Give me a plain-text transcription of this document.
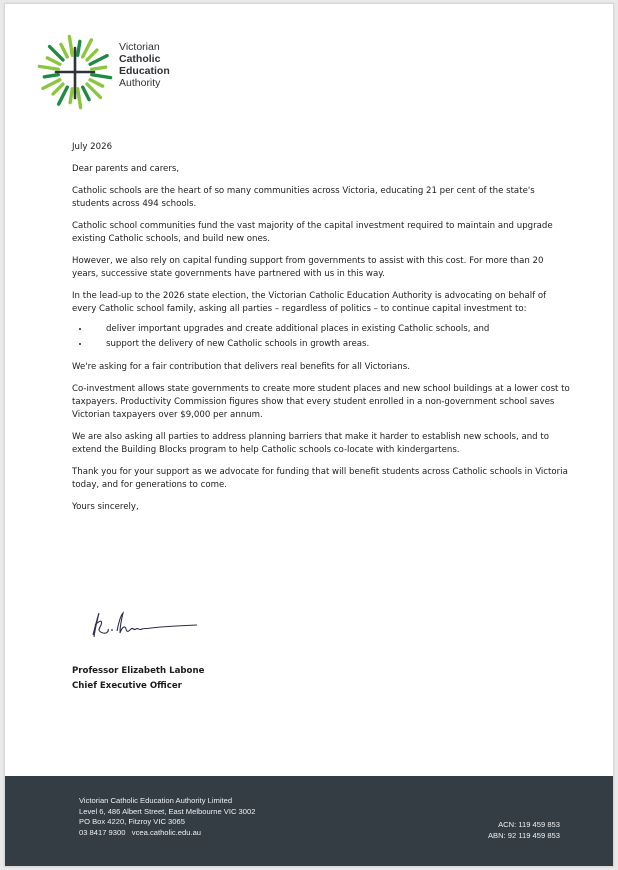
Victorian
Catholic
Education
Authority

July 2026

Dear parents and carers,

Catholic schools are the heart of so many communities across Victoria, educating 21 per cent of the state's students across 494 schools.

Catholic school communities fund the vast majority of the capital investment required to maintain and upgrade existing Catholic schools, and build new ones.

However, we also rely on capital funding support from governments to assist with this cost. For more than 20 years, successive state governments have partnered with us in this way.

In the lead-up to the 2026 state election, the Victorian Catholic Education Authority is advocating on behalf of every Catholic school family, asking all parties – regardless of politics – to continue capital investment to:

• deliver important upgrades and create additional places in existing Catholic schools, and
• support the delivery of new Catholic schools in growth areas.

We're asking for a fair contribution that delivers real benefits for all Victorians.

Co-investment allows state governments to create more student places and new school buildings at a lower cost to taxpayers. Productivity Commission figures show that every student enrolled in a non-government school saves Victorian taxpayers over $9,000 per annum.

We are also asking all parties to address planning barriers that make it harder to establish new schools, and to extend the Building Blocks program to help Catholic schools co-locate with kindergartens.

Thank you for your support as we advocate for funding that will benefit students across Catholic schools in Victoria today, and for generations to come.

Yours sincerely,

Professor Elizabeth Labone
Chief Executive Officer
Victorian Catholic Education Authority Limited
Level 6, 486 Albert Street, East Melbourne VIC 3002
PO Box 4220, Fitzroy VIC 3065
03 8417 9300 vcea.catholic.edu.au
ACN: 119 459 853
ABN: 92 119 459 853
